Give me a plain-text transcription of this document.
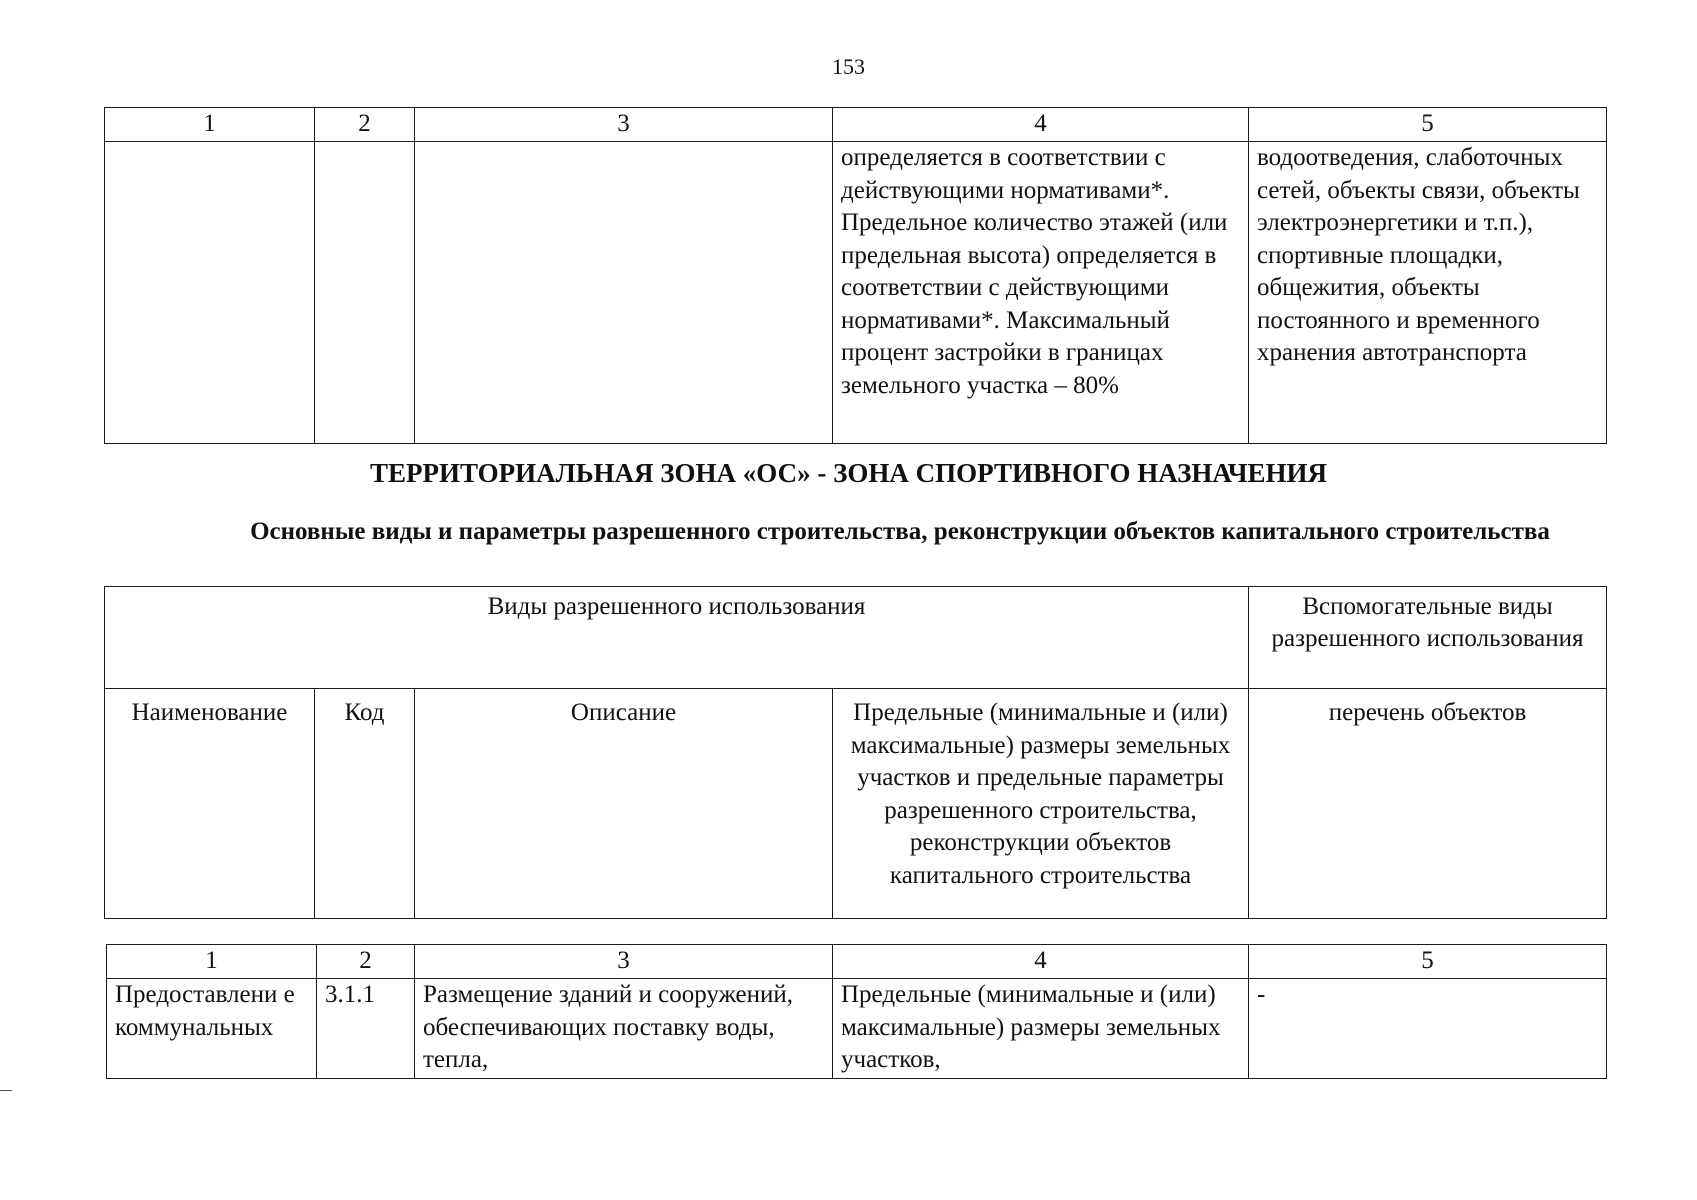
153
1	2	3	4	5
			определяется в соответствии с действующими нормативами*. Предельное количество этажей (или предельная высота) определяется в соответствии с действующими нормативами*. Максимальный процент застройки в границах земельного участка – 80%	водоотведения, слаботочных сетей, объекты связи, объекты электроэнергетики и т.п.), спортивные площадки, общежития, объекты постоянного и временного хранения автотранспорта
ТЕРРИТОРИАЛЬНАЯ ЗОНА «ОС» - ЗОНА СПОРТИВНОГО НАЗНАЧЕНИЯ
Основные виды и параметры разрешенного строительства, реконструкции объектов капитального строительства
Виды разрешенного использования				Вспомогательные виды разрешенного использования
Наименование	Код	Описание	Предельные (минимальные и (или) максимальные) размеры земельных участков и предельные параметры разрешенного строительства, реконструкции объектов капитального строительства	перечень объектов
1	2	3	4	5
Предоставлени е коммунальных	3.1.1	Размещение зданий и сооружений, обеспечивающих поставку воды, тепла,	Предельные (минимальные и (или) максимальные) размеры земельных участков,	-
